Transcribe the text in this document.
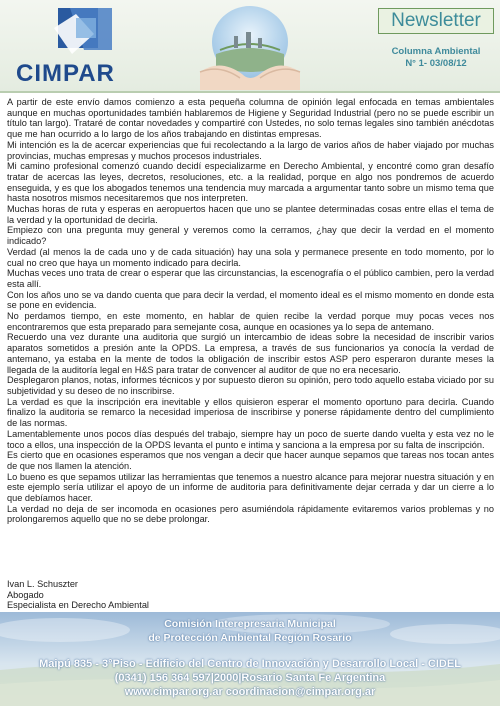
CIMPAR
Newsletter
Columna Ambiental
N° 1- 03/08/12

A partir de este envío damos comienzo a esta pequeña columna de opinión legal enfocada en temas ambientales aunque en muchas oportunidades también hablaremos de Higiene y Seguridad Industrial (pero no se puede escribir un título tan largo). Trataré de contar novedades y compartiré con Ustedes, no solo temas legales sino también anécdotas que me han ocurrido a lo largo de los años trabajando en distintas empresas.

Mi intención es la de acercar experiencias que fui recolectando a la largo de varios años de haber viajado por muchas provincias, muchas empresas y muchos procesos industriales.

Mi camino profesional comenzó cuando decidí especializarme en Derecho Ambiental, y encontré como gran desafío tratar de acercas las leyes, decretos, resoluciones, etc. a la realidad, porque en algo nos pondremos de acuerdo enseguida, y es que los abogados tenemos una tendencia muy marcada a argumentar tanto sobre un mismo tema que hasta nosotros mismos necesitaremos que nos interpreten.

Muchas horas de ruta y esperas en aeropuertos hacen que uno se plantee determinadas cosas entre ellas el tema de la verdad y la oportunidad de decirla.

Empiezo con una pregunta muy general y veremos como la cerramos, ¿hay que decir la verdad en el momento indicado?

Verdad (al menos la de cada uno y de cada situación) hay una sola y permanece presente en todo momento, por lo cual no creo que haya un momento indicado para decirla.

Muchas veces uno trata de crear o esperar que las circunstancias, la escenografía o el público cambien, pero la verdad esta allí.

Con los años uno se va dando cuenta que para decir la verdad, el momento ideal es el mismo momento en donde esta se pone en evidencia.

No perdamos tiempo, en este momento, en hablar de quien recibe la verdad porque muy pocas veces nos encontraremos que esta preparado para semejante cosa, aunque en ocasiones ya lo sepa de antemano.

Recuerdo una vez durante una auditoria que surgió un intercambio de ideas sobre la necesidad de inscribir varios aparatos sometidos a presión ante la OPDS. La empresa, a través de sus funcionarios ya conocía la verdad de antemano, ya estaba en la mente de todos la obligación de inscribir estos ASP pero esperaron durante meses la llegada de la auditoría legal en H&S para tratar de convencer al auditor de que no era necesario.

Desplegaron planos, notas, informes técnicos y por supuesto dieron su opinión, pero todo aquello estaba viciado por su subjetividad y su deseo de no inscribirse.

La verdad es que la inscripción era inevitable y ellos quisieron esperar el momento oportuno para decirla. Cuando finalizo la auditoria se remarco la necesidad imperiosa de inscribirse y ponerse rápidamente dentro del cumplimiento de las normas.

Lamentablemente unos pocos días después del trabajo, siempre hay un poco de suerte dando vuelta y esta vez no le toco a ellos, una inspección de la OPDS levanta el punto e intima y sanciona a la empresa por su falta de inscripción.

Es cierto que en ocasiones esperamos que nos vengan a decir que hacer aunque sepamos que tareas nos tocan antes de que nos llamen la atención.

Lo bueno es que sepamos utilizar las herramientas que tenemos a nuestro alcance para mejorar nuestra situación y en este ejemplo sería utilizar el apoyo de un informe de auditoria para definitivamente dejar cerrada y dar un cierre a lo que debíamos hacer.

La verdad no deja de ser incomoda en ocasiones pero asumiéndola rápidamente evitaremos varios problemas y no prolongaremos aquello que no se debe prolongar.

Ivan L. Schuszter

Abogado

Especialista en Derecho Ambiental

Comisión Interepresaria Municipal
de Protección Ambiental Región Rosario
Maipú 835 - 3°Piso - Edificio del Centro de Innovación y Desarrollo Local - CIDEL
(0341) 156 364 597|2000|Rosario Santa Fe Argentina
www.cimpar.org.ar coordinacion@cimpar.org.ar
